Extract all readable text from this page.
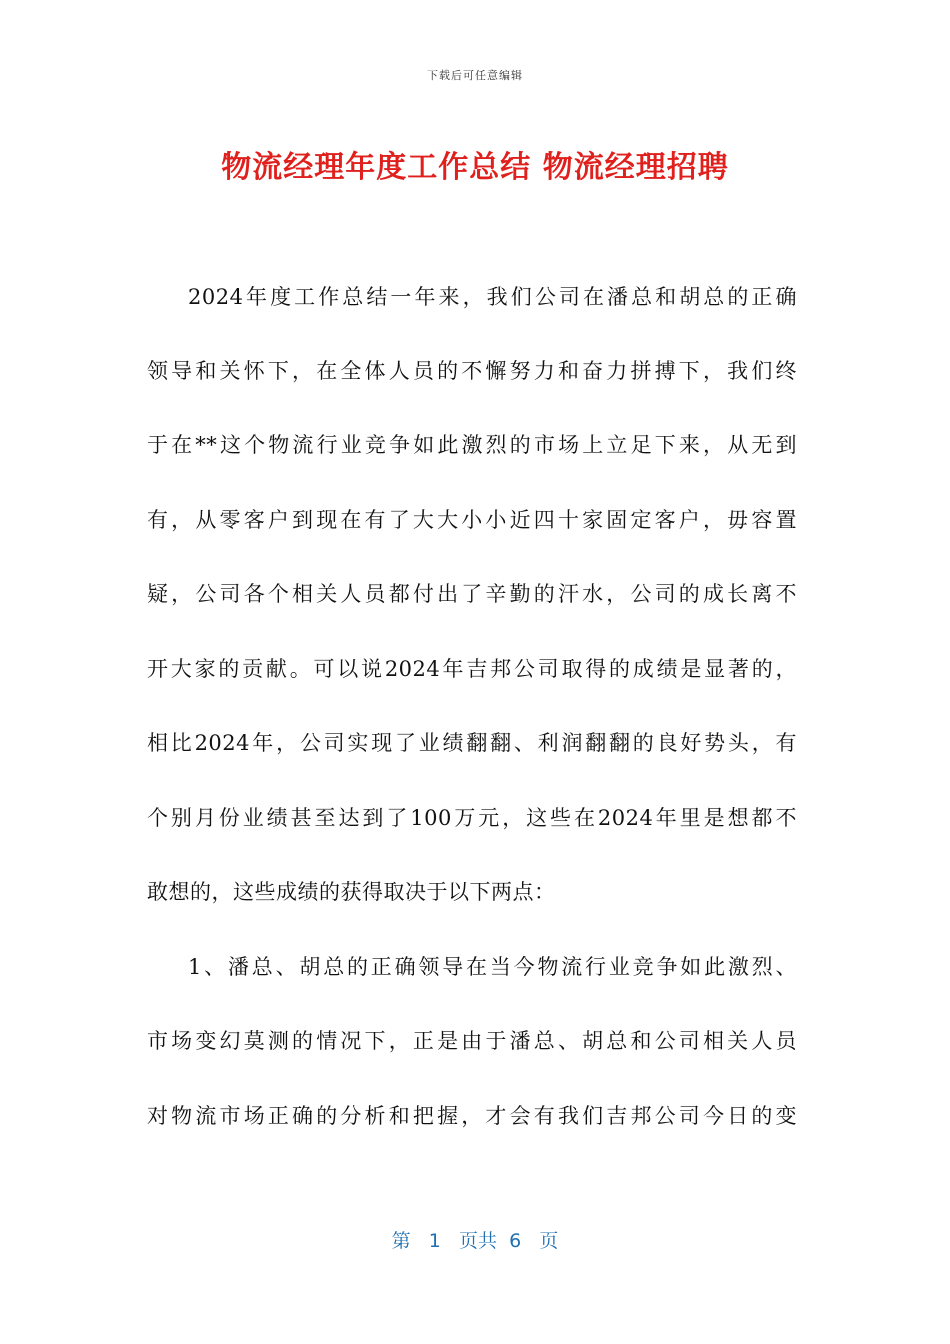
下载后可任意编辑
物流经理年度工作总结 物流经理招聘
2024年度工作总结一年来，我们公司在潘总和胡总的正确
领导和关怀下，在全体人员的不懈努力和奋力拼搏下，我们终
于在**这个物流行业竞争如此激烈的市场上立足下来，从无到
有，从零客户到现在有了大大小小近四十家固定客户，毋容置
疑，公司各个相关人员都付出了辛勤的汗水，公司的成长离不
开大家的贡献。可以说2024年吉邦公司取得的成绩是显著的，
相比2024年，公司实现了业绩翻翻、利润翻翻的良好势头，有
个别月份业绩甚至达到了100万元，这些在2024年里是想都不
敢想的，这些成绩的获得取决于以下两点：
1、潘总、胡总的正确领导在当今物流行业竞争如此激烈、
市场变幻莫测的情况下，正是由于潘总、胡总和公司相关人员
对物流市场正确的分析和把握，才会有我们吉邦公司今日的变
第 1 页共 6 页
